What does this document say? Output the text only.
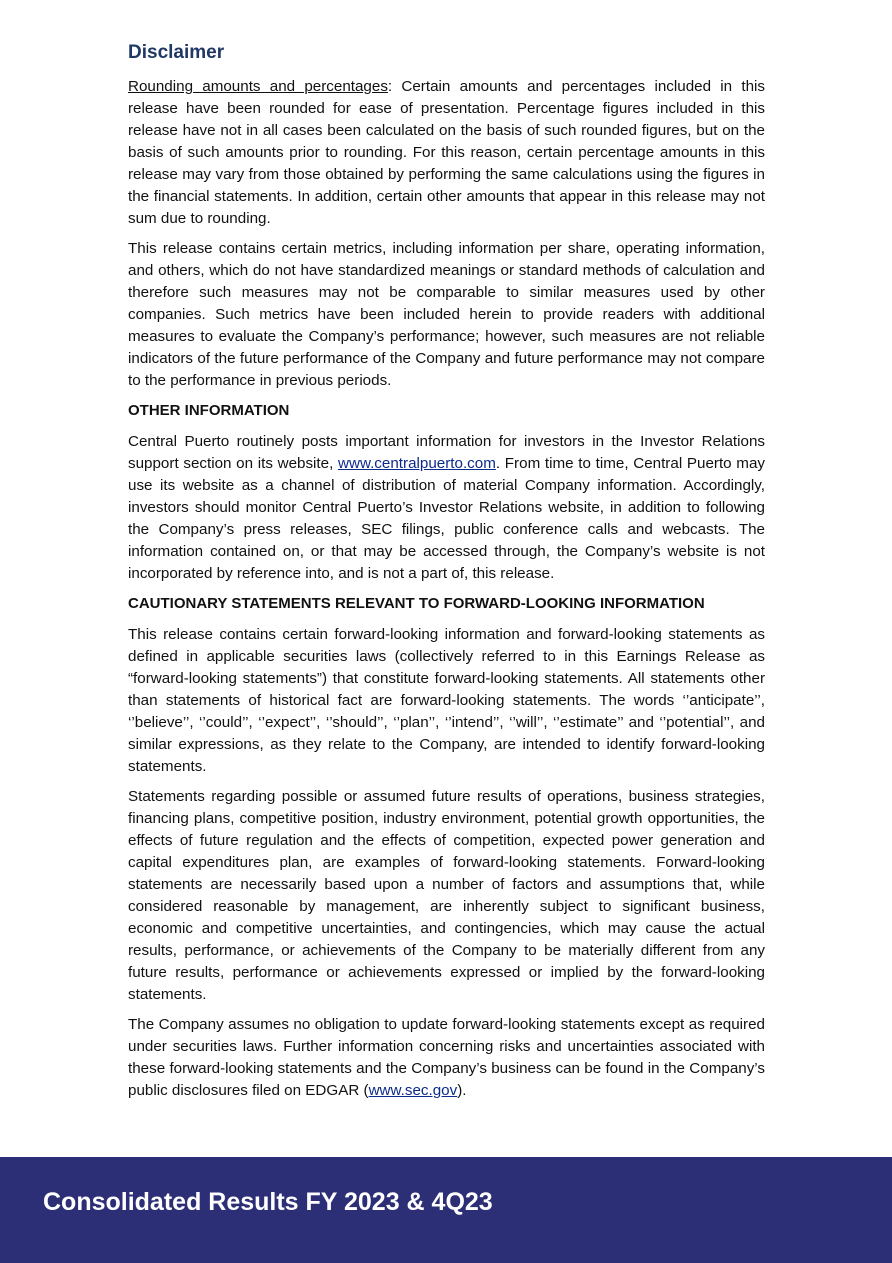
Disclaimer

Rounding amounts and percentages: Certain amounts and percentages included in this release have been rounded for ease of presentation. Percentage figures included in this release have not in all cases been calculated on the basis of such rounded figures, but on the basis of such amounts prior to rounding. For this reason, certain percentage amounts in this release may vary from those obtained by performing the same calculations using the figures in the financial statements. In addition, certain other amounts that appear in this release may not sum due to rounding.

This release contains certain metrics, including information per share, operating information, and others, which do not have standardized meanings or standard methods of calculation and therefore such measures may not be comparable to similar measures used by other companies. Such metrics have been included herein to provide readers with additional measures to evaluate the Company’s performance; however, such measures are not reliable indicators of the future performance of the Company and future performance may not compare to the performance in previous periods.

OTHER INFORMATION

Central Puerto routinely posts important information for investors in the Investor Relations support section on its website, www.centralpuerto.com. From time to time, Central Puerto may use its website as a channel of distribution of material Company information. Accordingly, investors should monitor Central Puerto’s Investor Relations website, in addition to following the Company’s press releases, SEC filings, public conference calls and webcasts. The information contained on, or that may be accessed through, the Company’s website is not incorporated by reference into, and is not a part of, this release.

CAUTIONARY STATEMENTS RELEVANT TO FORWARD-LOOKING INFORMATION

This release contains certain forward-looking information and forward-looking statements as defined in applicable securities laws (collectively referred to in this Earnings Release as “forward-looking statements”) that constitute forward-looking statements. All statements other than statements of historical fact are forward-looking statements. The words ‘’anticipate’’, ‘’believe’’, ‘’could’’, ‘’expect’’, ‘’should’’, ‘’plan’’, ‘’intend’’, ‘’will’’, ‘’estimate’’ and ‘’potential’’, and similar expressions, as they relate to the Company, are intended to identify forward-looking statements.

Statements regarding possible or assumed future results of operations, business strategies, financing plans, competitive position, industry environment, potential growth opportunities, the effects of future regulation and the effects of competition, expected power generation and capital expenditures plan, are examples of forward-looking statements. Forward-looking statements are necessarily based upon a number of factors and assumptions that, while considered reasonable by management, are inherently subject to significant business, economic and competitive uncertainties, and contingencies, which may cause the actual results, performance, or achievements of the Company to be materially different from any future results, performance or achievements expressed or implied by the forward-looking statements.

The Company assumes no obligation to update forward-looking statements except as required under securities laws. Further information concerning risks and uncertainties associated with these forward-looking statements and the Company’s business can be found in the Company’s public disclosures filed on EDGAR (www.sec.gov).

Consolidated Results FY 2023 & 4Q23
